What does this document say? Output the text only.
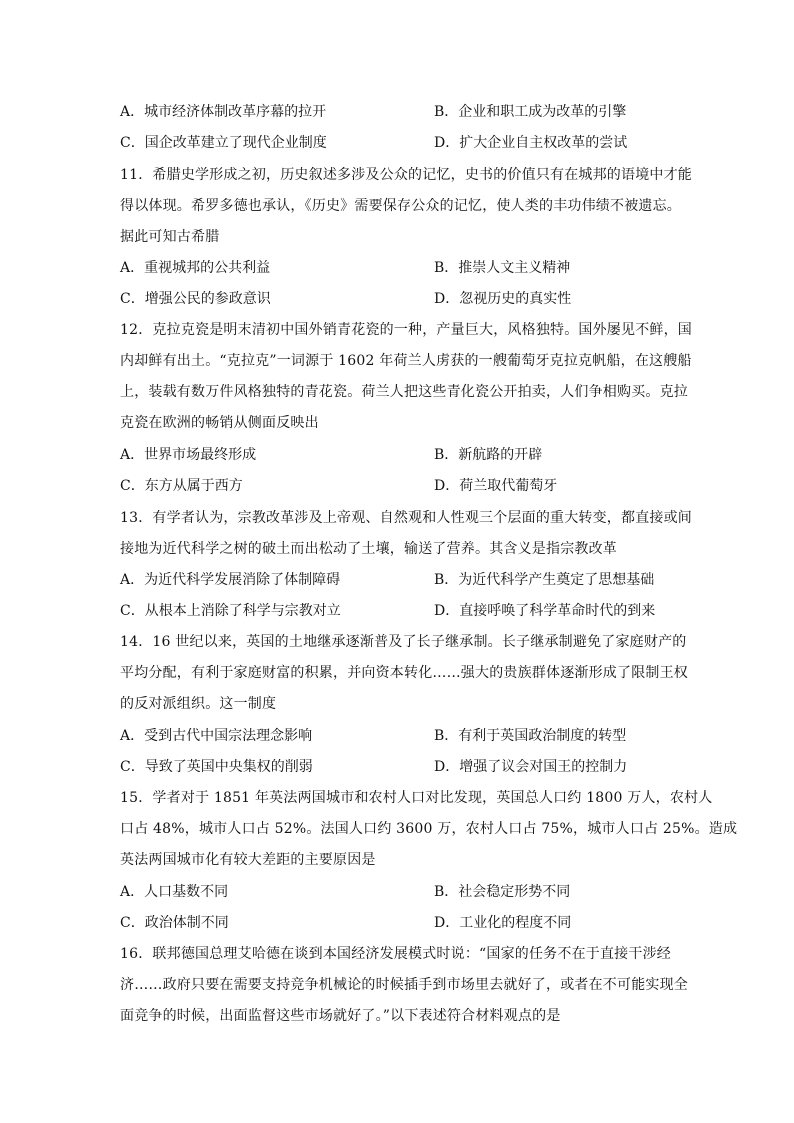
A．城市经济体制改革序幕的拉开	B．企业和职工成为改革的引擎
C．国企改革建立了现代企业制度	D．扩大企业自主权改革的尝试
11．希腊史学形成之初，历史叙述多涉及公众的记忆，史书的价值只有在城邦的语境中才能
得以体现。希罗多德也承认，《历史》需要保存公众的记忆，使人类的丰功伟绩不被遗忘。
据此可知古希腊
A．重视城邦的公共利益	B．推崇人文主义精神
C．增强公民的参政意识	D．忽视历史的真实性
12．克拉克瓷是明末清初中国外销青花瓷的一种，产量巨大，风格独特。国外屡见不鲜，国
内却鲜有出土。“克拉克”一词源于 1602 年荷兰人虏获的一艘葡萄牙克拉克帆船，在这艘船
上，装载有数万件风格独特的青花瓷。荷兰人把这些青化瓷公开拍卖，人们争相购买。克拉
克瓷在欧洲的畅销从侧面反映出
A．世界市场最终形成	B．新航路的开辟
C．东方从属于西方	D．荷兰取代葡萄牙
13．有学者认为，宗教改革涉及上帝观、自然观和人性观三个层面的重大转变，都直接或间
接地为近代科学之树的破土而出松动了土壤，输送了营养。其含义是指宗教改革
A．为近代科学发展消除了体制障碍	B．为近代科学产生奠定了思想基础
C．从根本上消除了科学与宗教对立	D．直接呼唤了科学革命时代的到来
14．16 世纪以来，英国的土地继承逐渐普及了长子继承制。长子继承制避免了家庭财产的
平均分配，有利于家庭财富的积累，并向资本转化……强大的贵族群体逐渐形成了限制王权
的反对派组织。这一制度
A．受到古代中国宗法理念影响	B．有利于英国政治制度的转型
C．导致了英国中央集权的削弱	D．增强了议会对国王的控制力
15．学者对于 1851 年英法两国城市和农村人口对比发现，英国总人口约 1800 万人，农村人
口占 48%，城市人口占 52%。法国人口约 3600 万，农村人口占 75%，城市人口占 25%。造成
英法两国城市化有较大差距的主要原因是
A．人口基数不同	B．社会稳定形势不同
C．政治体制不同	D．工业化的程度不同
16．联邦德国总理艾哈德在谈到本国经济发展模式时说：“国家的任务不在于直接干涉经
济……政府只要在需要支持竞争机械论的时候插手到市场里去就好了，或者在不可能实现全
面竞争的时候，出面监督这些市场就好了。”以下表述符合材料观点的是
